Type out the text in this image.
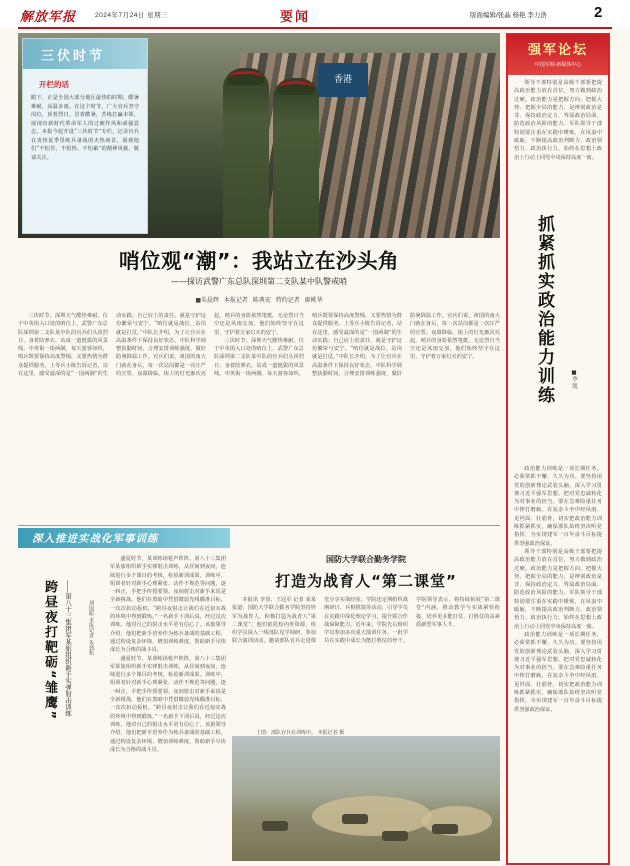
解放军报	2024年7月24日 星期三	要闻	版面编辑/张晶 杨艳 李力浩	2
香港
三伏时节
开栏的话
眼下，正是全国大部分地区最热的时期，酷暑难耐，高温多雨。在这个时节，广大官兵坚守岗位，顶着烈日、冒着酷暑，苦练打赢本领，展现出新时代革命军人的过硬作风和顽强意志。本报今起开设“三伏时节”专栏，记录官兵在炎热夏季里练兵备战的火热场景，展现他们“不怕苦、不怕热、不怕累”的精神风貌，敬请关注。
哨位观“潮”：我站立在沙头角
——探访武警广东总队深圳第二支队某中队警戒哨
■朱晨辉 本报记者 陈典宏 特约记者 廖桃华

三伏时节，深圳天气酷热难耐。位于中英街入口处的哨位上，武警广东总队深圳第二支队某中队的官兵们头顶烈日、身着防弹衣，站成一道挺拔的风景线。中英街一街两制，每天游客如织，哨兵既要保持高度警惕，又要热情为群众提供服务。上等兵小陈告诉记者，站在这里，感受最深的是“一国两制”的生动实践；自己肩上的责任，就是守护这份繁荣与安宁。“哨位就是战位，站岗就是打仗。”中队长介绍，为了让官兵在高温条件下保持良好状态，中队科学调整执勤时间，合理安排训练强度，做好防暑降温工作。官兵们说，祖国的南大门就在身后，每一次站岗都是一次庄严的宣誓。夜幕降临，街上的灯光渐次亮起，哨兵的身影依然笔挺。无论烈日当空还是风雨交加，他们始终坚守在这里，守护着万家灯火的安宁。

三伏时节，深圳天气酷热难耐。位于中英街入口处的哨位上，武警广东总队深圳第二支队某中队的官兵们头顶烈日、身着防弹衣，站成一道挺拔的风景线。中英街一街两制，每天游客如织，哨兵既要保持高度警惕，又要热情为群众提供服务。上等兵小陈告诉记者，站在这里，感受最深的是“一国两制”的生动实践；自己肩上的责任，就是守护这份繁荣与安宁。“哨位就是战位，站岗就是打仗。”中队长介绍，为了让官兵在高温条件下保持良好状态，中队科学调整执勤时间，合理安排训练强度，做好防暑降温工作。官兵们说，祖国的南大门就在身后，每一次站岗都是一次庄严的宣誓。夜幕降临，街上的灯光渐次亮起，哨兵的身影依然笔挺。无论烈日当空还是风雨交加，他们始终坚守在这里，守护着万家灯火的安宁。

强军论坛
中国军网·新媒体中心

领导干部特别是高级干部要把提高政治能力放在首位，努力做到政治过硬。政治能力是把握方向、把握大势、把握全局的能力，是辨别政治是非、保持政治定力、驾驭政治局面、防范政治风险的能力。军队领导干部特别要注重在实践中锤炼，在风浪中砥砺，不断提高政治判断力、政治领悟力、政治执行力，始终在思想上政治上行动上同党中央保持高度一致。

抓紧抓实政治能力训练	■李 凯

政治能力训练是一项长期任务，必须常抓不懈、久久为功。要坚持用党的创新理论武装头脑，深入学习贯彻习近平强军思想，把对党忠诚转化为对事业的担当。要在急难险重任务中摔打磨砺，在复杂斗争中经风雨、见世面、壮筋骨，切实把政治能力训练抓紧抓实，确保部队始终坚决听党指挥，为实现建军一百年奋斗目标提供坚强政治保证。

领导干部特别是高级干部要把提高政治能力放在首位，努力做到政治过硬。政治能力是把握方向、把握大势、把握全局的能力，是辨别政治是非、保持政治定力、驾驭政治局面、防范政治风险的能力。军队领导干部特别要注重在实践中锤炼，在风浪中砥砺，不断提高政治判断力、政治领悟力、政治执行力，始终在思想上政治上行动上同党中央保持高度一致。

政治能力训练是一项长期任务，必须常抓不懈、久久为功。要坚持用党的创新理论武装头脑，深入学习贯彻习近平强军思想，把对党忠诚转化为对事业的担当。要在急难险重任务中摔打磨砺，在复杂斗争中经风雨、见世面、壮筋骨，切实把政治能力训练抓紧抓实，确保部队始终坚决听党指挥，为实现建军一百年奋斗目标提供坚强政治保证。

深入推进实战化军事训练
跨昼夜打靶砺“雏鹰”	——第八十三集团军某旅组织新手实弹射击训练	刘国振 本报记者 朱劲松

盛夏时节，某训练场枪声阵阵。第八十三集团军某旅组织新手实弹射击训练，从昼间到夜间，连续进行多个课目的考核，检验新训成果。训练中，组训者针对新手心理紧张、动作不规范等问题，逐一纠正，手把手传授要领。夜间射击对新手来说是全新挑战，他们在黑暗中凭借微弱光线瞄准目标，一次次扣动扳机。“跨昼夜射击让我们在近似实战的环境中得到锻炼。”一名新手下训后说，经过这次训练，他对自己的射击水平更有信心了。该旅领导介绍，他们把新手培养作为练兵备战的基础工程，通过构设复杂环境、增加训练难度，帮助新手尽快成长为合格的战斗员。

盛夏时节，某训练场枪声阵阵。第八十三集团军某旅组织新手实弹射击训练，从昼间到夜间，连续进行多个课目的考核，检验新训成果。训练中，组训者针对新手心理紧张、动作不规范等问题，逐一纠正，手把手传授要领。夜间射击对新手来说是全新挑战，他们在黑暗中凭借微弱光线瞄准目标，一次次扣动扳机。“跨昼夜射击让我们在近似实战的环境中得到锻炼。”一名新手下训后说，经过这次训练，他对自己的射击水平更有信心了。该旅领导介绍，他们把新手培养作为练兵备战的基础工程，通过构设复杂环境、增加训练难度，帮助新手尽快成长为合格的战斗员。

国防大学联合勤务学院
打造为战育人“第二课堂”

本报讯 李贤、王冠军 记者 某某报道：国防大学联合勤务学院坚持姓军为战育人，积极打造为战育人“第二课堂”。他们依托校内外资源，组织学员深入一线部队见学调研，参加联合演训活动，邀请部队官兵走进课堂分享实战经验。学院还定期组织战例研讨、兵棋推演等活动，引导学员在实践中深化理论学习，提升联合作战保障能力。近年来，学院先后组织学员参加多次重大演训任务，一批学员在实践中成长为能打胜仗的骨干。学院领导表示，将持续拓展“第二课堂”内涵，推动教学与实战紧密衔接，培养更多能打仗、打胜仗的高素质新型军事人才。

上图：部队官兵在训练中。 本报记者 摄
